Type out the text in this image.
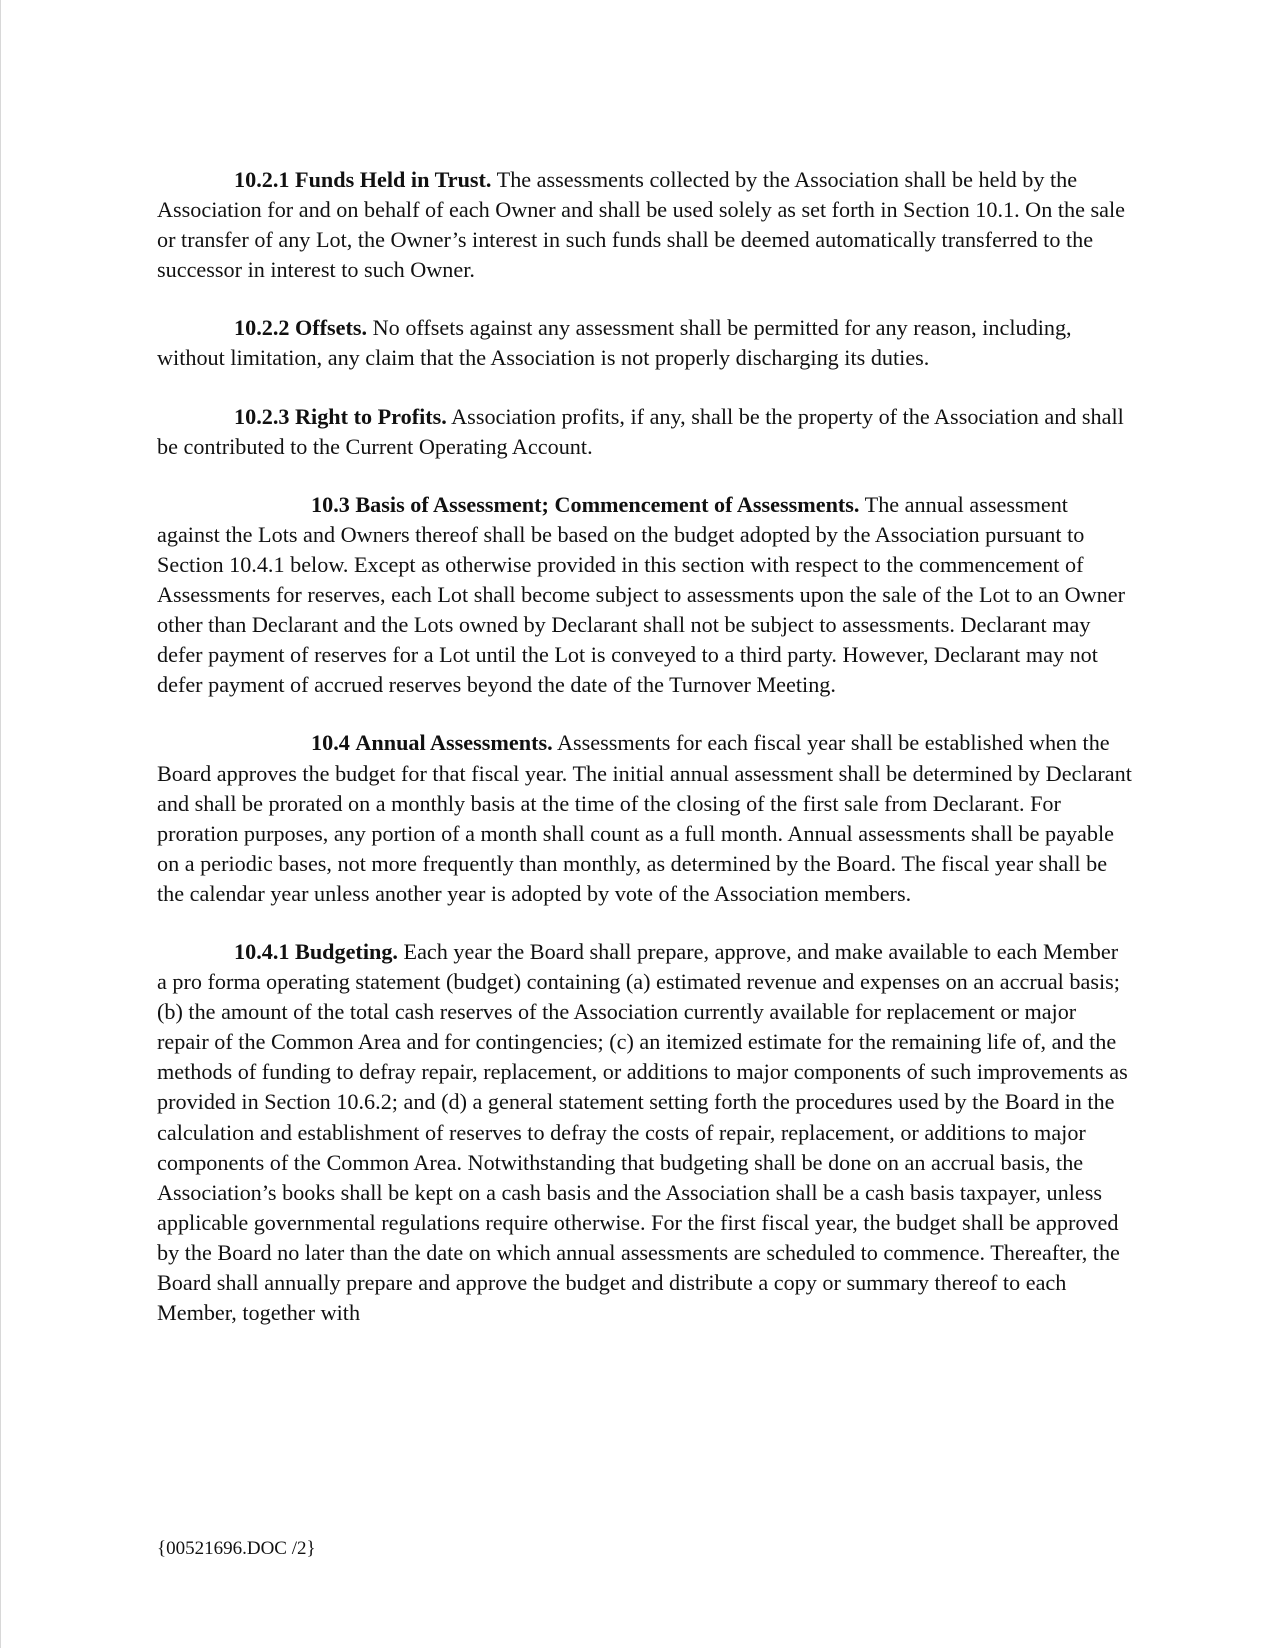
10.2.1 Funds Held in Trust. The assessments collected by the Association shall be held by the Association for and on behalf of each Owner and shall be used solely as set forth in Section 10.1. On the sale or transfer of any Lot, the Owner’s interest in such funds shall be deemed automatically transferred to the successor in interest to such Owner.

10.2.2 Offsets. No offsets against any assessment shall be permitted for any reason, including, without limitation, any claim that the Association is not properly discharging its duties.

10.2.3 Right to Profits. Association profits, if any, shall be the property of the Association and shall be contributed to the Current Operating Account.

10.3 Basis of Assessment; Commencement of Assessments. The annual assessment against the Lots and Owners thereof shall be based on the budget adopted by the Association pursuant to Section 10.4.1 below. Except as otherwise provided in this section with respect to the commencement of Assessments for reserves, each Lot shall become subject to assessments upon the sale of the Lot to an Owner other than Declarant and the Lots owned by Declarant shall not be subject to assessments. Declarant may defer payment of reserves for a Lot until the Lot is conveyed to a third party. However, Declarant may not defer payment of accrued reserves beyond the date of the Turnover Meeting.

10.4 Annual Assessments. Assessments for each fiscal year shall be established when the Board approves the budget for that fiscal year. The initial annual assessment shall be determined by Declarant and shall be prorated on a monthly basis at the time of the closing of the first sale from Declarant. For proration purposes, any portion of a month shall count as a full month. Annual assessments shall be payable on a periodic bases, not more frequently than monthly, as determined by the Board. The fiscal year shall be the calendar year unless another year is adopted by vote of the Association members.

10.4.1 Budgeting. Each year the Board shall prepare, approve, and make available to each Member a pro forma operating statement (budget) containing (a) estimated revenue and expenses on an accrual basis; (b) the amount of the total cash reserves of the Association currently available for replacement or major repair of the Common Area and for contingencies; (c) an itemized estimate for the remaining life of, and the methods of funding to defray repair, replacement, or additions to major components of such improvements as provided in Section 10.6.2; and (d) a general statement setting forth the procedures used by the Board in the calculation and establishment of reserves to defray the costs of repair, replacement, or additions to major components of the Common Area. Notwithstanding that budgeting shall be done on an accrual basis, the Association’s books shall be kept on a cash basis and the Association shall be a cash basis taxpayer, unless applicable governmental regulations require otherwise. For the first fiscal year, the budget shall be approved by the Board no later than the date on which annual assessments are scheduled to commence. Thereafter, the Board shall annually prepare and approve the budget and distribute a copy or summary thereof to each Member, together with

{00521696.DOC /2}
